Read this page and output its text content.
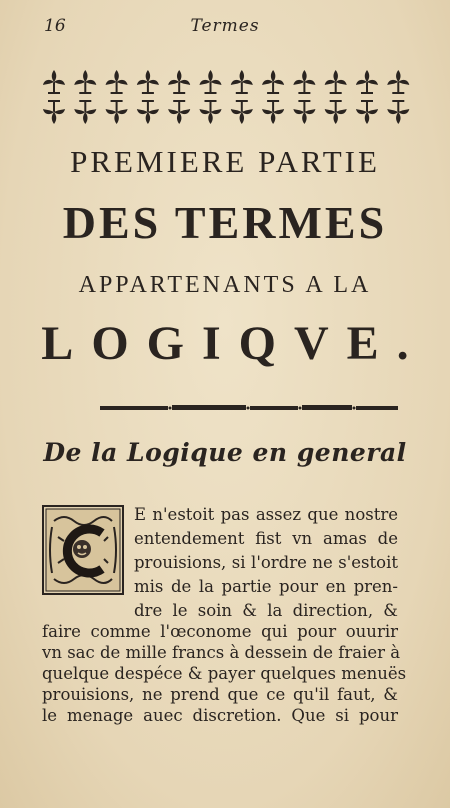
16	Termes
PREMIERE PARTIE
DES TERMES
APPARTENANTS A LA
LOGIQVE.
De la Logique en general
E n'estoit pas assez que nostre
entendement fist vn amas de
prouisions, si l'ordre ne s'estoit
mis de la partie pour en pren-
dre le soin & la direction, &
faire comme l'œconome qui pour ouurir
vn sac de mille francs à dessein de fraier à
quelque despéce & payer quelques menuës
prouisions, ne prend que ce qu'il faut, &
le menage auec discretion. Que si pour
